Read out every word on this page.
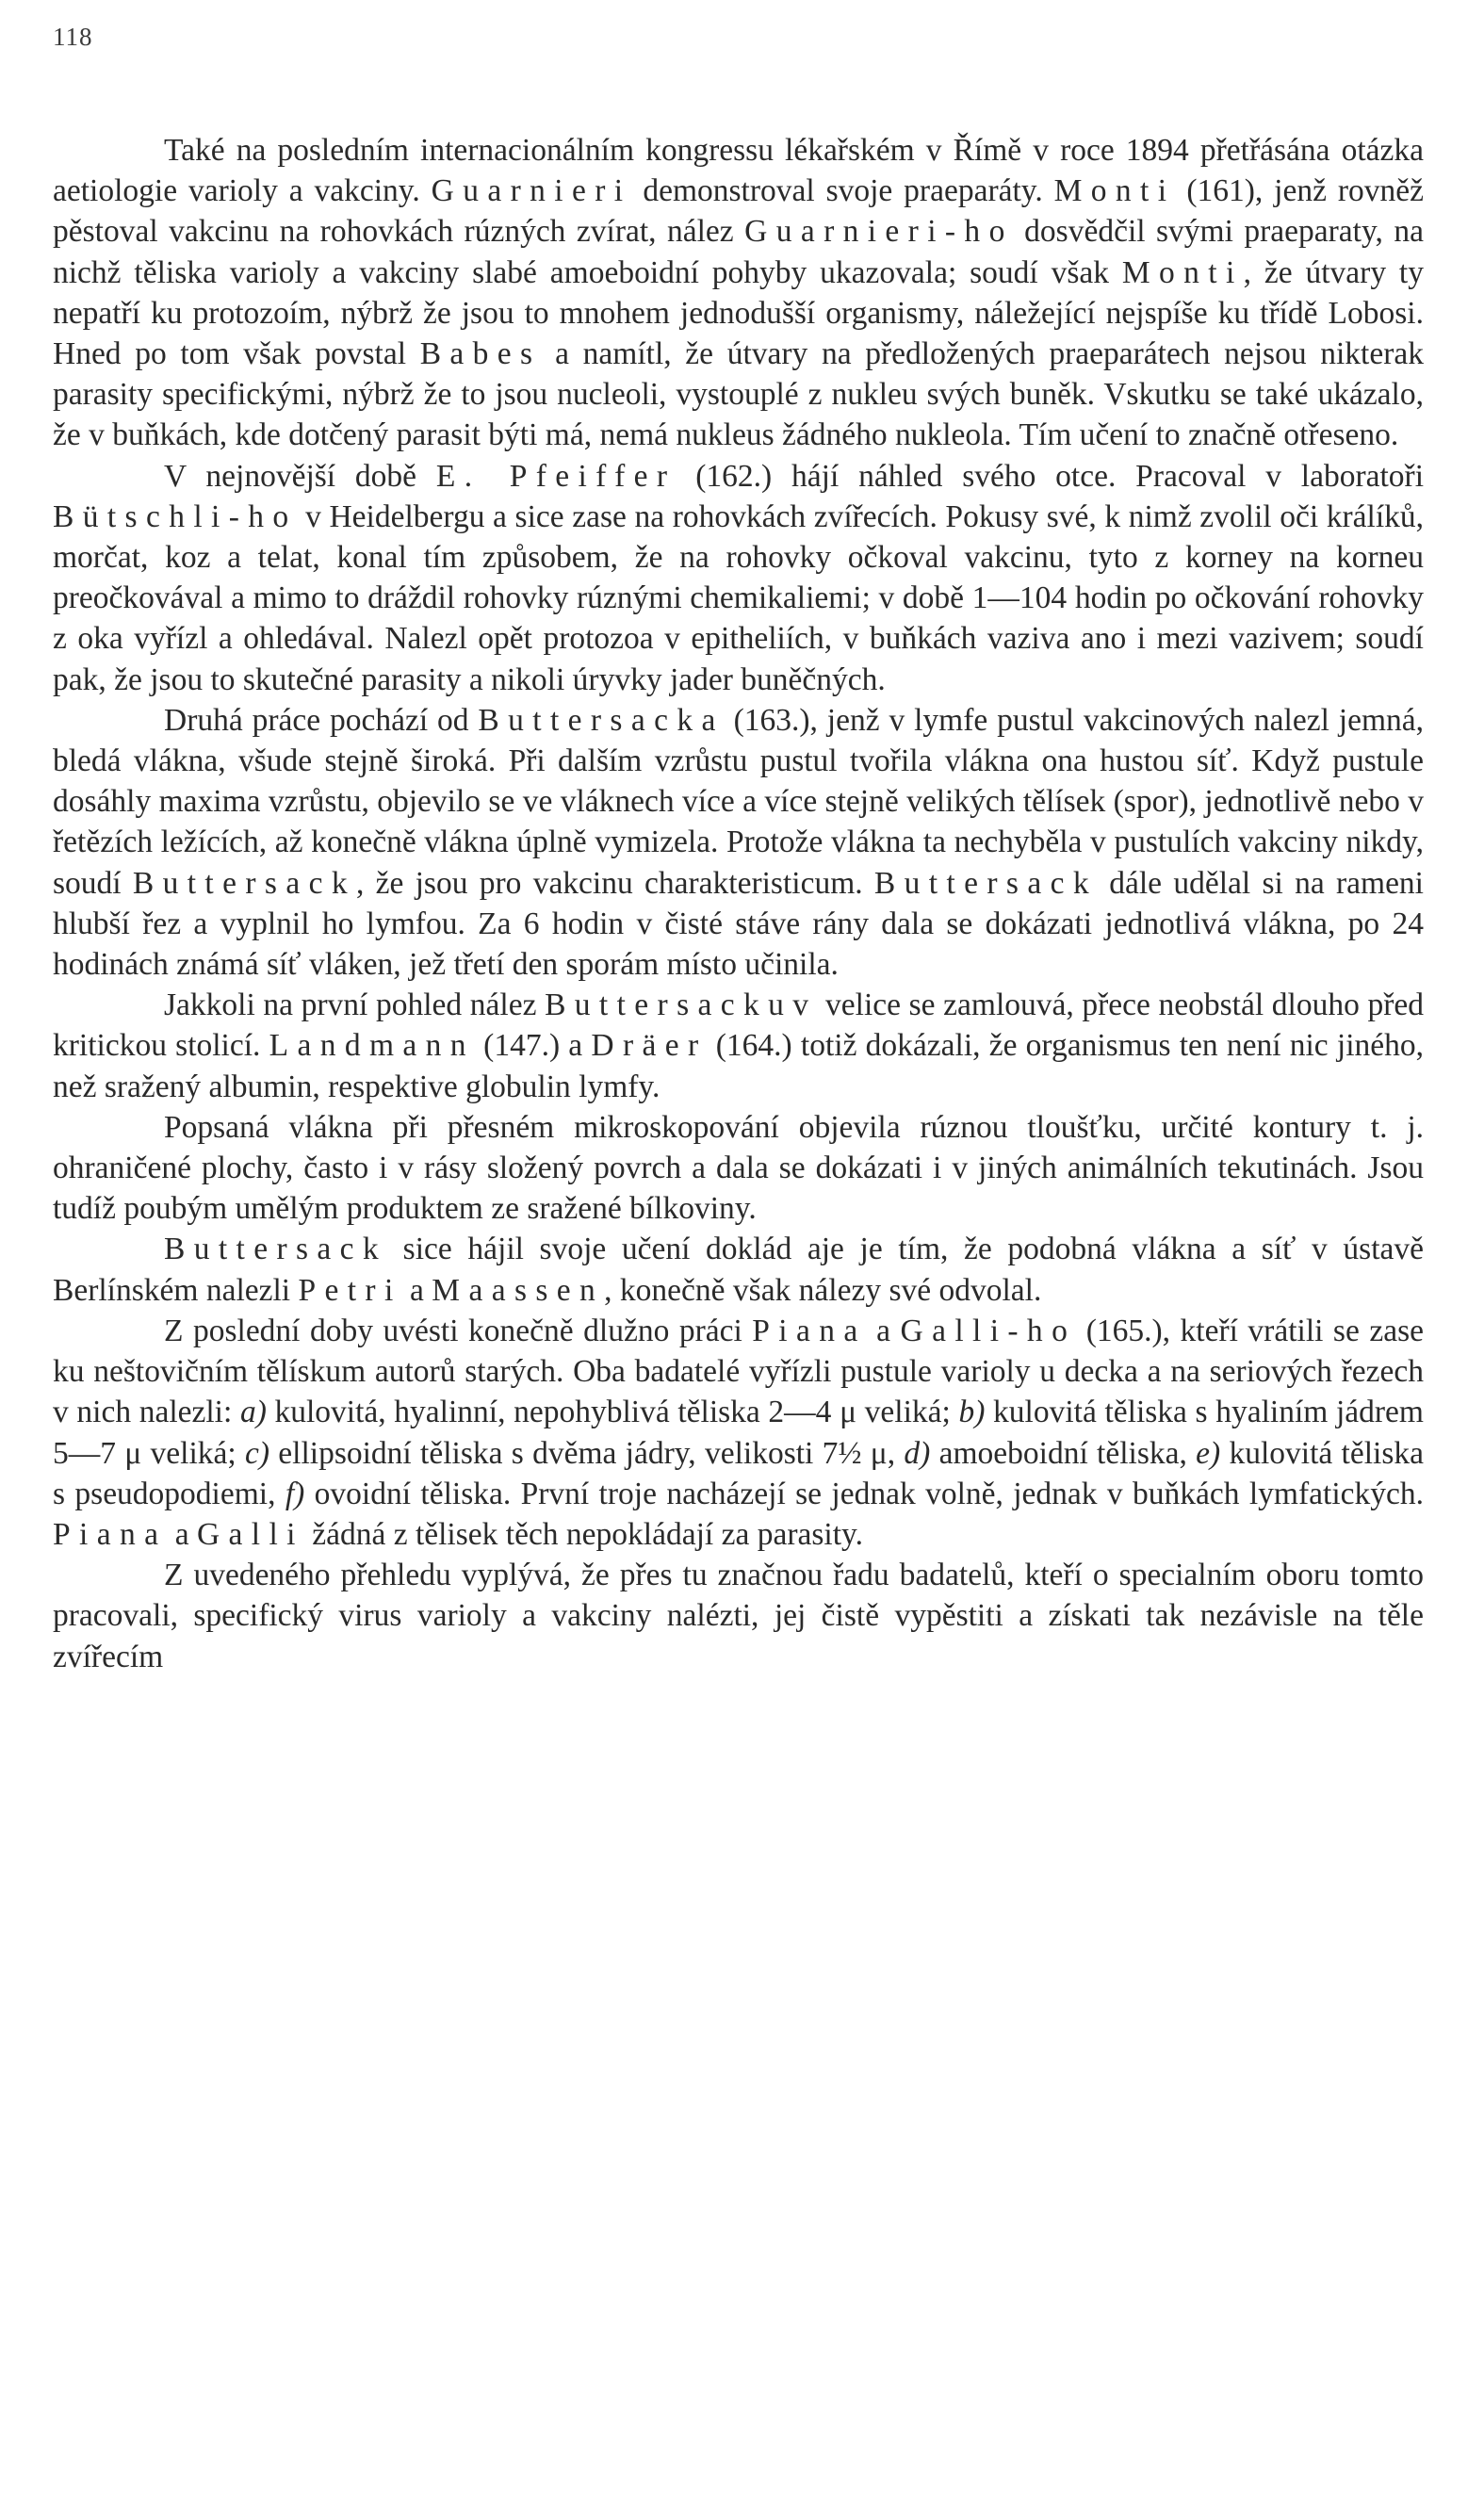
118

Také na posledním internacionálním kongressu lékařském v Římě v roce 1894 přetřásána otázka aetiologie varioly a vakciny. Guarnieri demonstroval svoje praeparáty. Monti (161), jenž rovněž pěstoval vakcinu na rohovkách rúzných zvírat, nález Guarnieri-ho dosvědčil svými praeparaty, na nichž těliska varioly a vakciny slabé amoeboidní pohyby ukazovala; soudí však Monti, že útvary ty nepatří ku protozoím, nýbrž že jsou to mnohem jednodušší organismy, náležející nejspíše ku třídě Lobosi. Hned po tom však povstal Babes a namítl, že útvary na předložených praeparátech nejsou nikterak parasity specifickými, nýbrž že to jsou nucleoli, vystouplé z nukleu svých buněk. Vskutku se také ukázalo, že v buňkách, kde dotčený parasit býti má, nemá nukleus žádného nukleola. Tím učení to značně otřeseno.

V nejnovější době E. Pfeiffer (162.) hájí náhled svého otce. Pracoval v laboratoři Bütschli-ho v Heidelbergu a sice zase na rohovkách zvířecích. Pokusy své, k nimž zvolil oči králíků, morčat, koz a telat, konal tím způsobem, že na rohovky očkoval vakcinu, tyto z korney na korneu preočkovával a mimo to dráždil rohovky rúznými chemikaliemi; v době 1—104 hodin po očkování rohovky z oka vyřízl a ohledával. Nalezl opět protozoa v epitheliích, v buňkách vaziva ano i mezi vazivem; soudí pak, že jsou to skutečné parasity a nikoli úryvky jader buněčných.

Druhá práce pochází od Buttersacka (163.), jenž v lymfe pustul vakcinových nalezl jemná, bledá vlákna, všude stejně široká. Při dalším vzrůstu pustul tvořila vlákna ona hustou síť. Když pustule dosáhly maxima vzrůstu, objevilo se ve vláknech více a více stejně velikých tělísek (spor), jednotlivě nebo v řetězích ležících, až konečně vlákna úplně vymizela. Protože vlákna ta nechyběla v pustulích vakciny nikdy, soudí Buttersack, že jsou pro vakcinu charakteristicum. Buttersack dále udělal si na rameni hlubší řez a vyplnil ho lymfou. Za 6 hodin v čisté stáve rány dala se dokázati jednotlivá vlákna, po 24 hodinách známá síť vláken, jež třetí den sporám místo učinila.

Jakkoli na první pohled nález Buttersackuv velice se zamlouvá, přece neobstál dlouho před kritickou stolicí. Landmann (147.) a Dräer (164.) totiž dokázali, že organismus ten není nic jiného, než sražený albumin, respektive globulin lymfy.

Popsaná vlákna při přesném mikroskopování objevila rúznou tloušťku, určité kontury t. j. ohraničené plochy, často i v rásy složený povrch a dala se dokázati i v jiných animálních tekutinách. Jsou tudíž poubým umělým produktem ze sražené bílkoviny.

Buttersack sice hájil svoje učení doklád aje je tím, že podobná vlákna a síť v ústavě Berlínském nalezli Petri a Maassen, konečně však nálezy své odvolal.

Z poslední doby uvésti konečně dlužno práci Piana a Galli-ho (165.), kteří vrátili se zase ku neštovičním tělískum autorů starých. Oba badatelé vyřízli pustule varioly u decka a na seriových řezech v nich nalezli: a) kulovitá, hyalinní, nepohyblivá těliska 2—4 μ veliká; b) kulovitá těliska s hyaliním jádrem 5—7 μ veliká; c) ellipsoidní těliska s dvěma jádry, velikosti 7½ μ, d) amoeboidní těliska, e) kulovitá těliska s pseudopodiemi, f) ovoidní těliska. První troje nacházejí se jednak volně, jednak v buňkách lymfatických. Piana a Galli žádná z tělisek těch nepokládají za parasity.

Z uvedeného přehledu vyplývá, že přes tu značnou řadu badatelů, kteří o specialním oboru tomto pracovali, specifický virus varioly a vakciny nalézti, jej čistě vypěstiti a získati tak nezávisle na těle zvířecím
